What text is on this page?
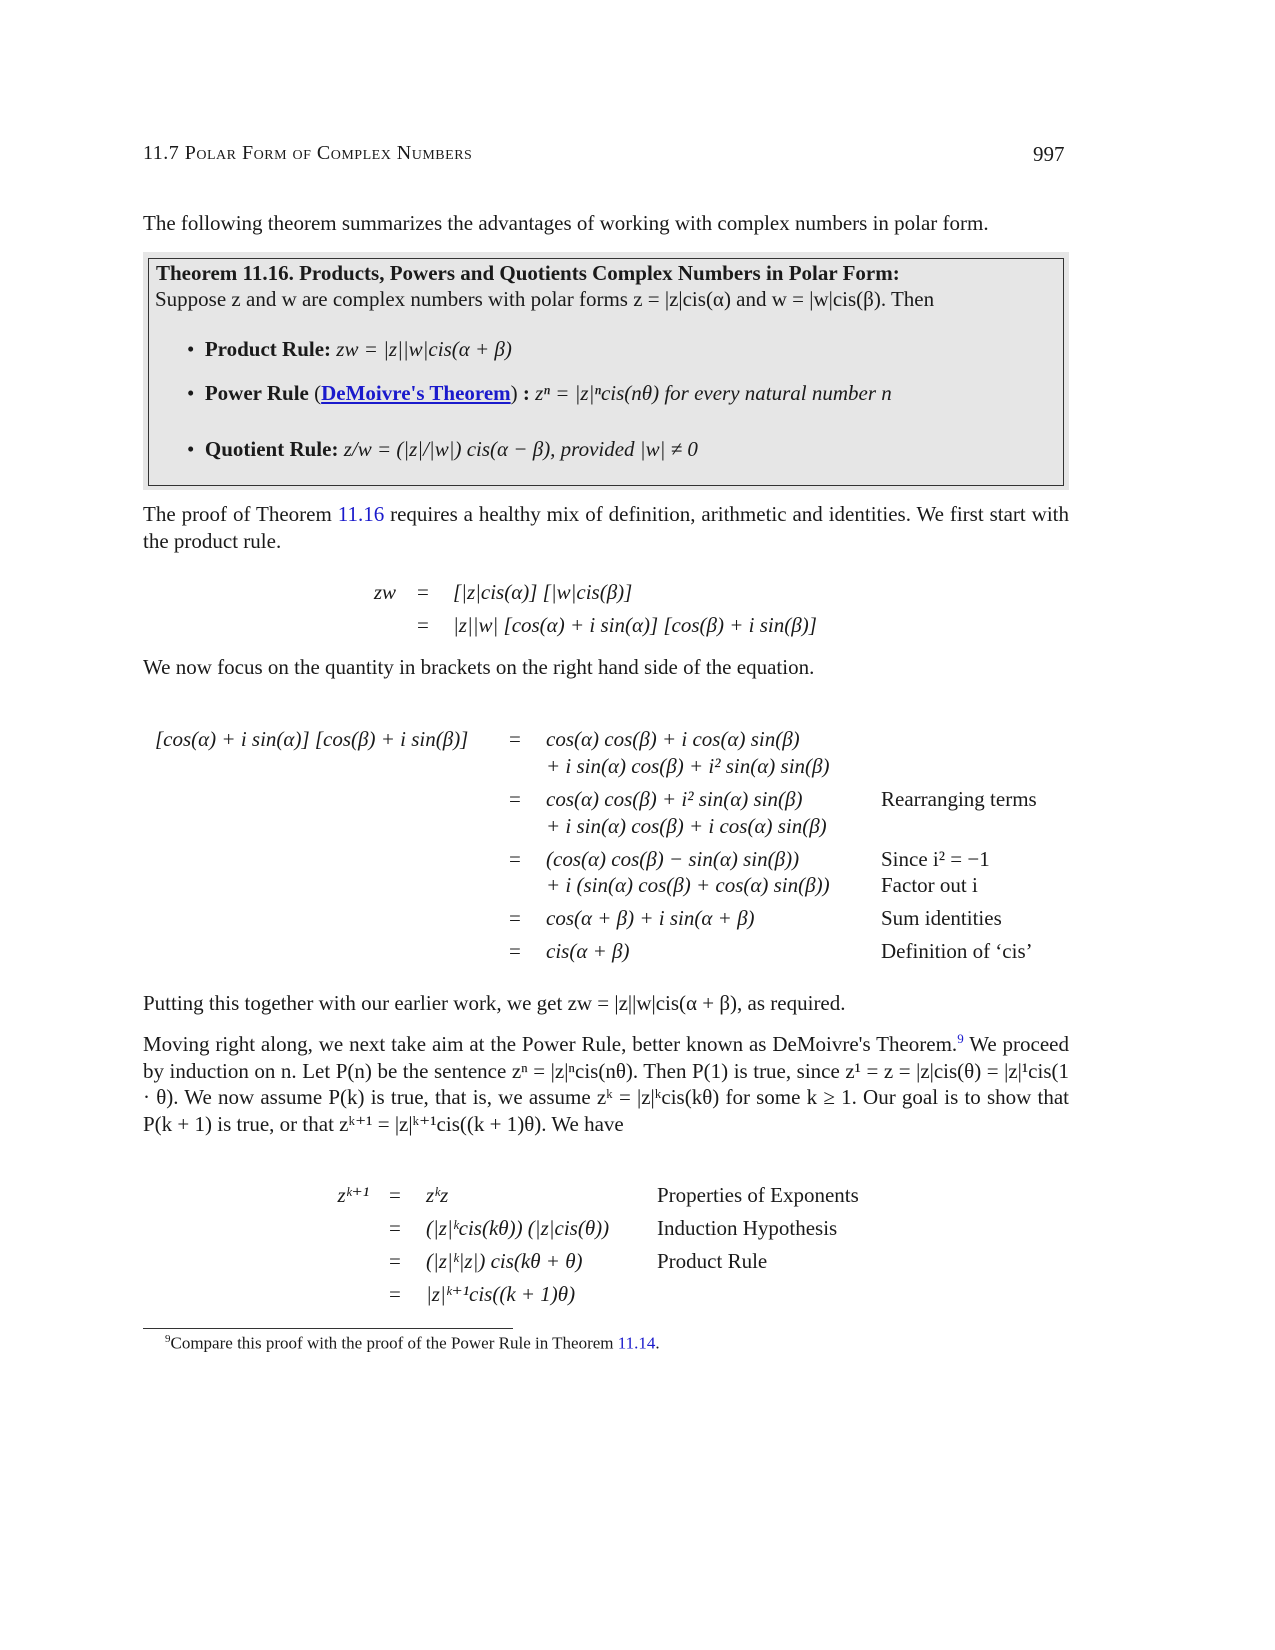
11.7 Polar Form of Complex Numbers	997
The following theorem summarizes the advantages of working with complex numbers in polar form.
Theorem 11.16. Products, Powers and Quotients Complex Numbers in Polar Form:
Suppose z and w are complex numbers with polar forms z = |z|cis(α) and w = |w|cis(β). Then
•  Product Rule: zw = |z||w|cis(α + β)
•  Power Rule (DeMoivre's Theorem) : zⁿ = |z|ⁿcis(nθ) for every natural number n
•  Quotient Rule: z/w = (|z|/|w|) cis(α − β), provided |w| ≠ 0
The proof of Theorem 11.16 requires a healthy mix of definition, arithmetic and identities. We first start with the product rule.
zw = [|z|cis(α)] [|w|cis(β)]
= |z||w| [cos(α) + i sin(α)] [cos(β) + i sin(β)]
We now focus on the quantity in brackets on the right hand side of the equation.
[cos(α) + i sin(α)] [cos(β) + i sin(β)] = cos(α) cos(β) + i cos(α) sin(β)
+ i sin(α) cos(β) + i² sin(α) sin(β)
= cos(α) cos(β) + i² sin(α) sin(β)	Rearranging terms
+ i sin(α) cos(β) + i cos(α) sin(β)
= (cos(α) cos(β) − sin(α) sin(β))	Since i² = −1
+ i (sin(α) cos(β) + cos(α) sin(β)) Factor out i
= cos(α + β) + i sin(α + β)	Sum identities
= cis(α + β)	Definition of ‘cis’
Putting this together with our earlier work, we get zw = |z||w|cis(α + β), as required.
Moving right along, we next take aim at the Power Rule, better known as DeMoivre's Theorem.$^9$ We proceed by induction on n. Let P(n) be the sentence zⁿ = |z|ⁿcis(nθ). Then P(1) is true, since z¹ = z = |z|cis(θ) = |z|¹cis(1 · θ). We now assume P(k) is true, that is, we assume zᵏ = |z|ᵏcis(kθ) for some k ≥ 1. Our goal is to show that P(k + 1) is true, or that zᵏ⁺¹ = |z|ᵏ⁺¹cis((k + 1)θ). We have
zᵏ⁺¹ = zᵏz	Properties of Exponents
= (|z|ᵏcis(kθ)) (|z|cis(θ)) Induction Hypothesis
= (|z|ᵏ|z|) cis(kθ + θ)	Product Rule
= |z|ᵏ⁺¹cis((k + 1)θ)
$^9$Compare this proof with the proof of the Power Rule in Theorem 11.14.
